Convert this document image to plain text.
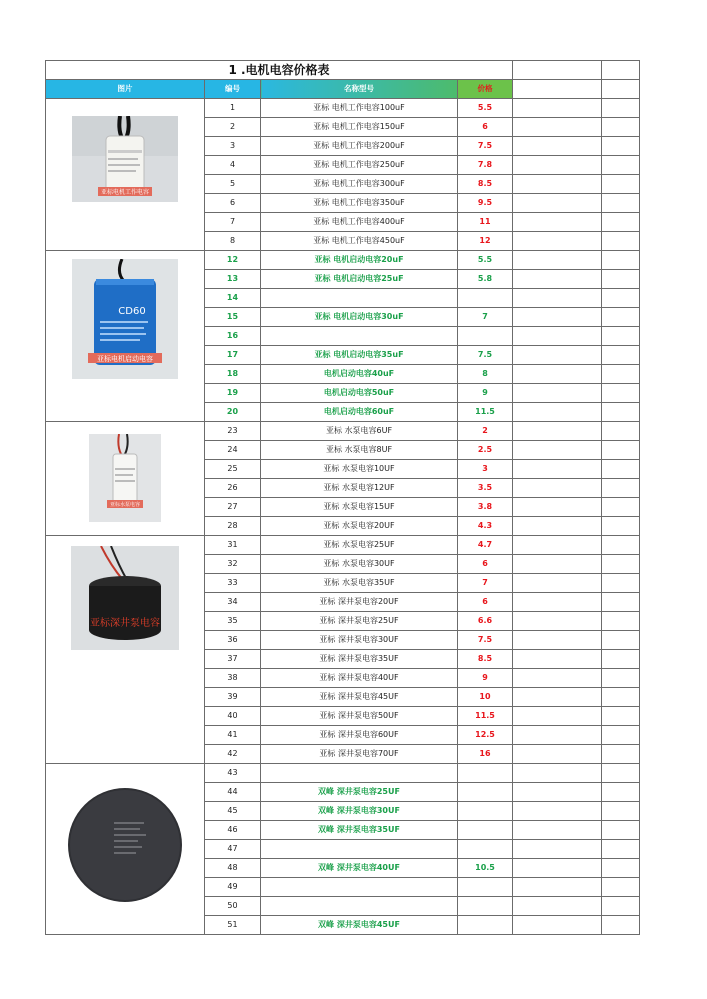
1 .电机电容价格表					
图片	编号	名称型号	价格		

亚标电机工作电容	1	亚标 电机工作电容100uF	5.5		
	2	亚标 电机工作电容150uF	6		
	3	亚标 电机工作电容200uF	7.5		
	4	亚标 电机工作电容250uF	7.8		
	5	亚标 电机工作电容300uF	8.5		
	6	亚标 电机工作电容350uF	9.5		
	7	亚标 电机工作电容400uF	11		
	8	亚标 电机工作电容450uF	12		

CD60
亚标电机启动电容	12	亚标 电机启动电容20uF	5.5		
	13	亚标 电机启动电容25uF	5.8		
	14				
	15	亚标 电机启动电容30uF	7		
	16				
	17	亚标 电机启动电容35uF	7.5		
	18	电机启动电容40uF	8		
	19	电机启动电容50uF	9		
	20	电机启动电容60uF	11.5		

亚标水泵电容	23	亚标 水泵电容6UF	2		
	24	亚标 水泵电容8UF	2.5		
	25	亚标 水泵电容10UF	3		
	26	亚标 水泵电容12UF	3.5		
	27	亚标 水泵电容15UF	3.8		
	28	亚标 水泵电容20UF	4.3		

亚标深井泵电容	31	亚标 水泵电容25UF	4.7		
	32	亚标 水泵电容30UF	6		
	33	亚标 水泵电容35UF	7		
	34	亚标 深井泵电容20UF	6		
	35	亚标 深井泵电容25UF	6.6		
	36	亚标 深井泵电容30UF	7.5		
	37	亚标 深井泵电容35UF	8.5		
	38	亚标 深井泵电容40UF	9		
	39	亚标 深井泵电容45UF	10		
	40	亚标 深井泵电容50UF	11.5		
	41	亚标 深井泵电容60UF	12.5		
	42	亚标 深井泵电容70UF	16		

	43				
	44	双峰 深井泵电容25UF			
	45	双峰 深井泵电容30UF			
	46	双峰 深井泵电容35UF			
	47				
	48	双峰 深井泵电容40UF	10.5		
	49				
	50				
	51	双峰 深井泵电容45UF			
